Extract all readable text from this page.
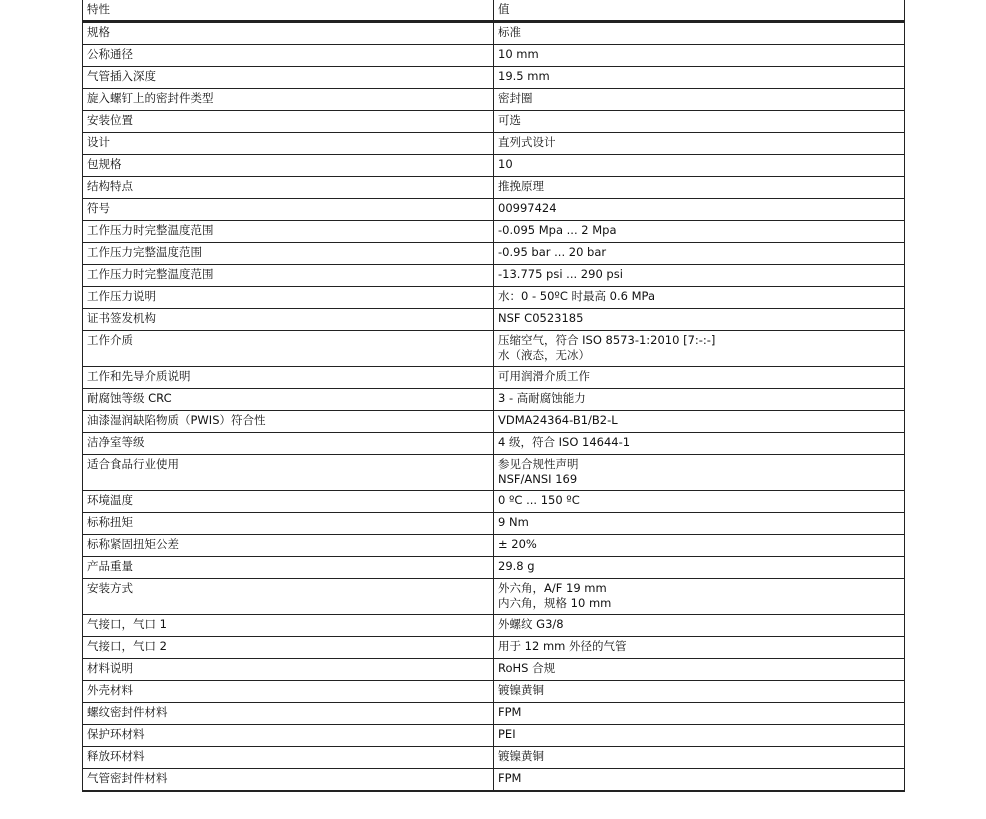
特性	值
规格	标准
公称通径	10 mm
气管插入深度	19.5 mm
旋入螺钉上的密封件类型	密封圈
安装位置	可选
设计	直列式设计
包规格	10
结构特点	推挽原理
符号	00997424
工作压力时完整温度范围	-0.095 Mpa ... 2 Mpa
工作压力完整温度范围	-0.95 bar ... 20 bar
工作压力时完整温度范围	-13.775 psi ... 290 psi
工作压力说明	水：0 - 50ºC 时最高 0.6 MPa
证书签发机构	NSF C0523185
工作介质	压缩空气，符合 ISO 8573-1:2010 [7:-:-]
水（液态，无冰）
工作和先导介质说明	可用润滑介质工作
耐腐蚀等级 CRC	3 - 高耐腐蚀能力
油漆湿润缺陷物质（PWIS）符合性	VDMA24364-B1/B2-L
洁净室等级	4 级，符合 ISO 14644-1
适合食品行业使用	参见合规性声明
NSF/ANSI 169
环境温度	0 ºC ... 150 ºC
标称扭矩	9 Nm
标称紧固扭矩公差	± 20%
产品重量	29.8 g
安装方式	外六角，A/F 19 mm
内六角，规格 10 mm
气接口，气口 1	外螺纹 G3/8
气接口，气口 2	用于 12 mm 外径的气管
材料说明	RoHS 合规
外壳材料	镀镍黄铜
螺纹密封件材料	FPM
保护环材料	PEI
释放环材料	镀镍黄铜
气管密封件材料	FPM
